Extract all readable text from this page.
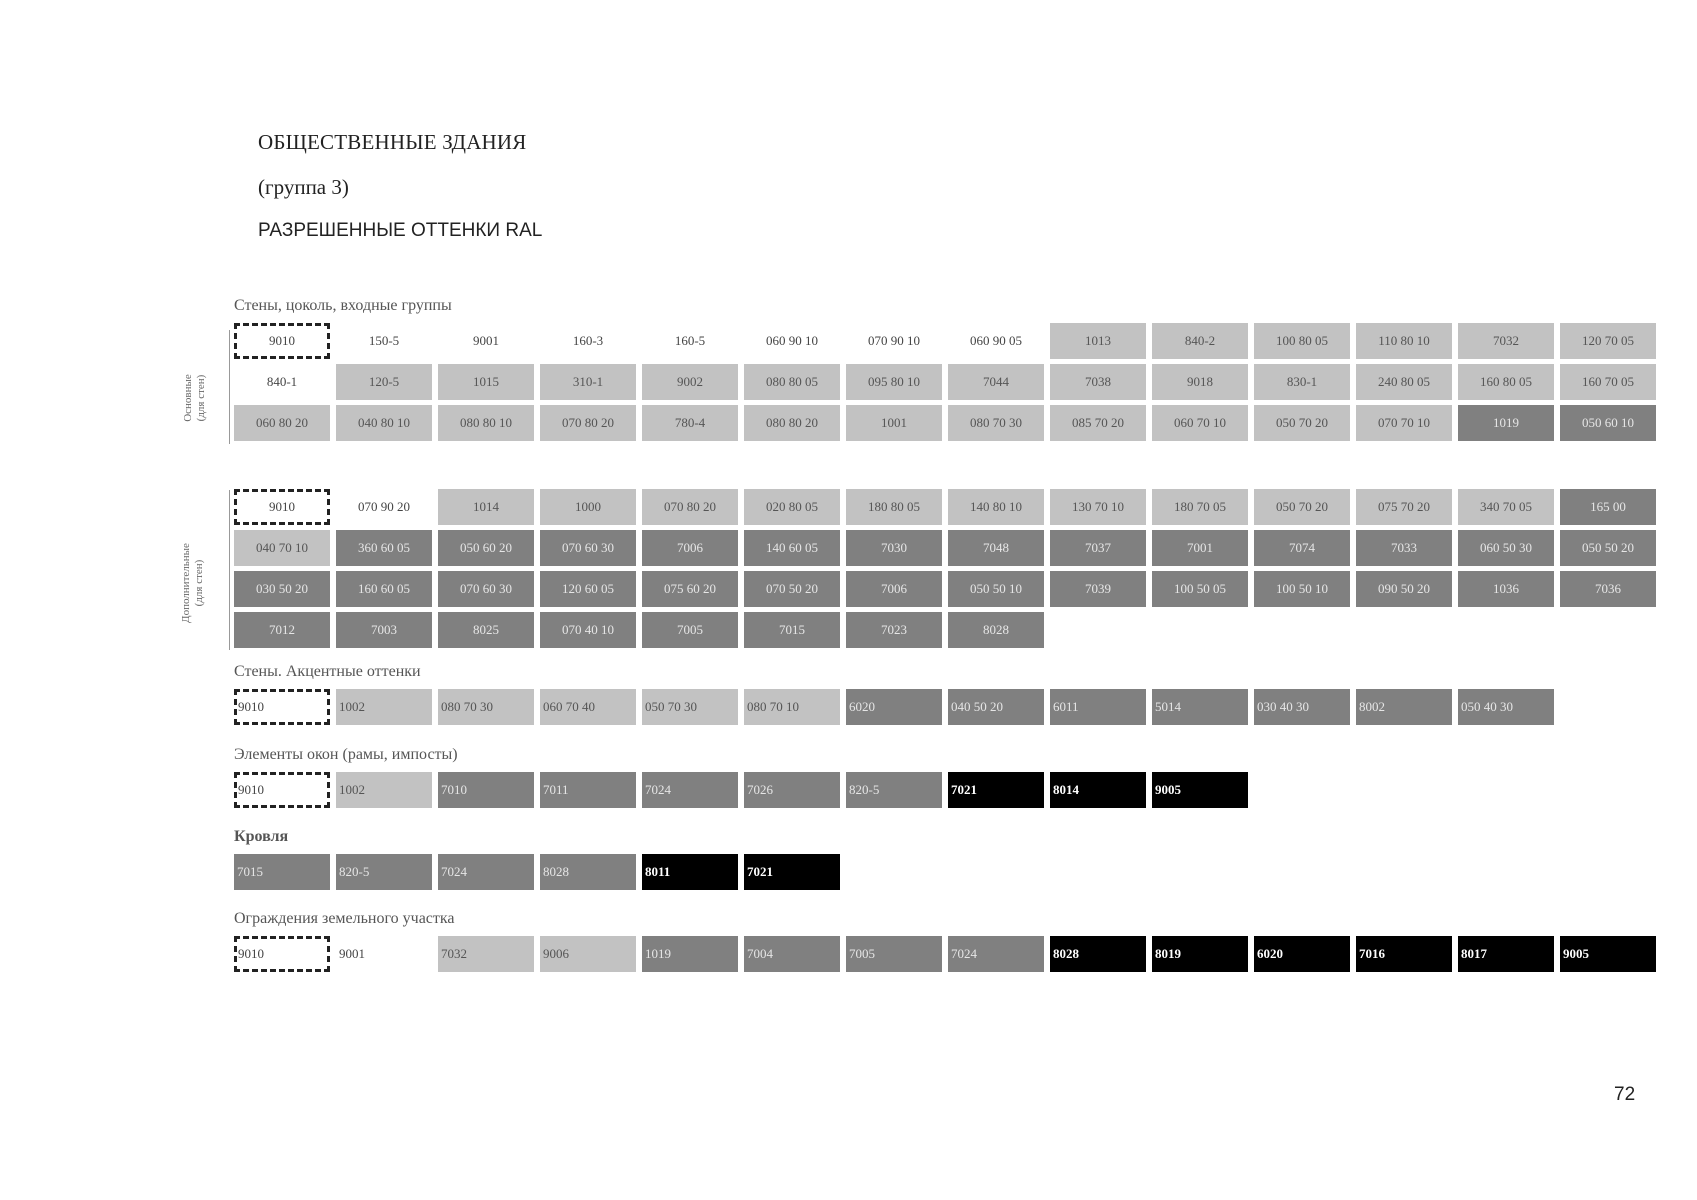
ОБЩЕСТВЕННЫЕ ЗДАНИЯ
(группа 3)
РАЗРЕШЕННЫЕ ОТТЕНКИ RAL
Основные
(для стен)
Дополнительные
(для стен)
Стены, цоколь, входные группы
9010	150-5	9001	160-3	160-5	060 90 10	070 90 10	060 90 05	1013	840-2	100 80 05	110 80 10	7032	120 70 05
840-1	120-5	1015	310-1	9002	080 80 05	095 80 10	7044	7038	9018	830-1	240 80 05	160 80 05	160 70 05
060 80 20	040 80 10	080 80 10	070 80 20	780-4	080 80 20	1001	080 70 30	085 70 20	060 70 10	050 70 20	070 70 10	1019	050 60 10
9010	070 90 20	1014	1000	070 80 20	020 80 05	180 80 05	140 80 10	130 70 10	180 70 05	050 70 20	075 70 20	340 70 05	165 00
040 70 10	360 60 05	050 60 20	070 60 30	7006	140 60 05	7030	7048	7037	7001	7074	7033	060 50 30	050 50 20
030 50 20	160 60 05	070 60 30	120 60 05	075 60 20	070 50 20	7006	050 50 10	7039	100 50 05	100 50 10	090 50 20	1036	7036
7012	7003	8025	070 40 10	7005	7015	7023	8028
Стены. Акцентные оттенки
9010	1002	080 70 30	060 70 40	050 70 30	080 70 10	6020	040 50 20	6011	5014	030 40 30	8002	050 40 30
Элементы окон (рамы, импосты)
9010	1002	7010	7011	7024	7026	820-5	7021	8014	9005
Кровля
7015	820-5	7024	8028	8011	7021
Ограждения земельного участка
9010	9001	7032	9006	1019	7004	7005	7024	8028	8019	6020	7016	8017	9005
72
